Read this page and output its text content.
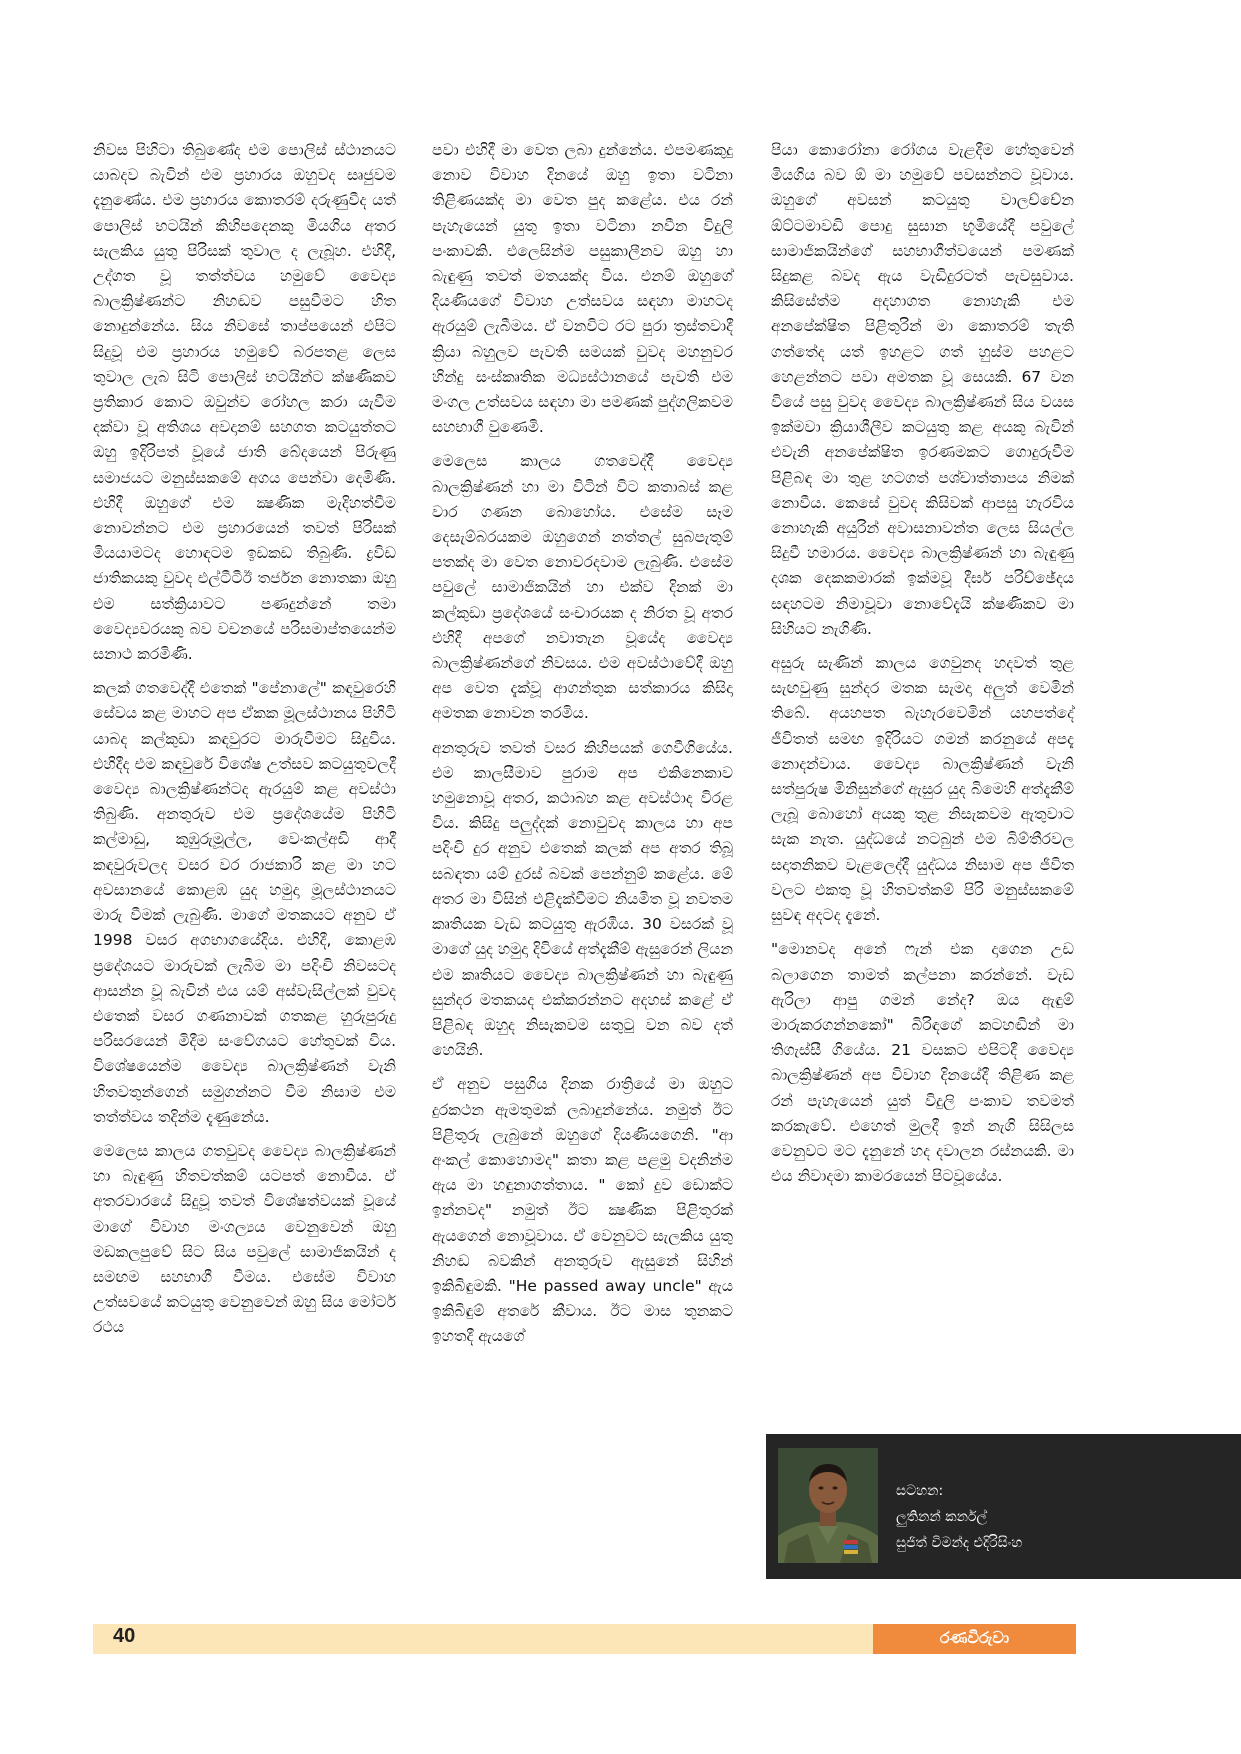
නිවස පිහිටා තිබුණේද එම පොලිස් ස්ථානයට යාබදව බැවින් එම ප්‍රහාරය ඔහුවද සෘජුවම දැනුණේය. එම ප්‍රහාරය කොතරම් දරුණුවීද යත් පොලිස් භටයින් කිහිපදෙනකු මියගිය අතර සැලකිය යුතු පිරිසක් තුවාල ද ලැබූහ. එහිදී, උද්ගත වූ තත්ත්වය හමුවේ වෛද්‍ය බාලක්‍රිෂ්ණන්ට නිහඬව පසුවීමට හිත නොදුන්නේය. සිය නිවසේ තාප්පයෙන් එපිට සිදුවූ එම ප්‍රහාරය හමුවේ බරපතළ ලෙස තුවාල ලැබ සිටි පොලිස් භටයින්ට ක්ෂණිකව ප්‍රතිකාර කොට ඔවුන්ව රෝහල කරා යැවීම දක්වා වූ අතිශය අවදානම් සහගත කටයුත්තට ඔහු ඉදිරිපත් වූයේ ජාති බේදයෙන් පිරුණු සමාජයට මනුස්සකමේ අගය පෙන්වා දෙමිණි. එහිදී ඔහුගේ එම ක්‍ෂණික මැදිහත්වීම නොවන්නට එම ප්‍රහාරයෙන් තවත් පිරිසක් මියයාමටද හොඳටම ඉඩකඩ තිබුණි. ද්‍රවිඩ ජාතිකයකු වුවද එල්ටීටීඊ තර්ජන නොතකා ඔහු එම සත්ක්‍රියාවට පණදුන්නේ තමා වෛද්‍යවරයකු බව වචනයේ පරිසමාප්තයෙන්ම සනාථ කරමිණි.

කලක් ගතවෙද්දී එතෙක් "පේනාලේ" කඳවුරෙහි සේවය කළ මාහට අප ඒකක මූලස්ථානය පිහිටි යාබද කල්කුඩා කඳවුරට මාරුවීමට සිදුවිය. එහිදීද එම කඳවුරේ විශේෂ උත්සව කටයුතුවලදී වෛද්‍ය බාලක්‍රිෂ්ණන්ටද ඇරයුම් කළ අවස්ථා තිබුණි. අනතුරුව එම ප්‍රදේශයේම පිහිටි කල්මාඩු, කුඹුරුමූල්ල, වෙංකල්අඩි ආදී කඳවුරුවලද වසර වර රාජකාරි කළ මා හට අවසානයේ කොළඹ යුද හමුදා මූලස්ථානයට මාරු වීමක් ලැබුණි. මාගේ මතකයට අනුව ඒ 1998 වසර අගභාගයේදිය. එහිදී, කොළඹ ප්‍රදේශයට මාරුවක් ලැබීම මා පදිංචි නිවසටද ආසන්න වූ බැවින් එය යම් අස්වැසිල්ලක් වුවද එතෙක් වසර ගණනාවක් ගතකළ හුරුපුරුදු පරිසරයෙන් මිදීම සංවේගයට හේතුවක් විය. විශේෂයෙන්ම වෛද්‍ය බාලක්‍රිෂ්ණන් වැනි හිතවතුන්ගෙන් සමුගන්නට වීම නිසාම එම තත්ත්වය තදින්ම දැණුනේය.

මෙලෙස කාලය ගතවුවද වෛද්‍ය බාලක්‍රිෂ්ණන් හා බැඳුණු හිතවත්කම් යටපත් නොවීය. ඒ අතරවාරයේ සිදුවූ තවත් විශේෂත්වයක් වූයේ මාගේ විවාහ මංගල්‍යය වෙනුවෙන් ඔහු මඩකලපුවේ සිට සිය පවුලේ සාමාජිකයින් ද සමඟම සහභාගී වීමය. එසේම විවාහ උත්සවයේ කටයුතු වෙනුවෙන් ඔහු සිය මෝටර් රථය

පවා එහිදී මා වෙත ලබා දුන්නේය. එපමණකුදු නොව විවාහ දිනයේ ඔහු ඉතා වටිනා තිළිණයක්ද මා වෙත පුද කළේය. එය රන් පැහැයෙන් යුතු ඉතා වටිනා නවීන විදුලි පංකාවකි. එලෙසින්ම පසුකාලීනව ඔහු හා බැඳුණු තවත් මතයක්ද විය. එනම් ඔහුගේ දියණියගේ විවාහ උත්සවය සඳහා මාහටද ඇරයුම් ලැබීමය. ඒ වනවිට රට පුරා ත්‍රස්තවාදී ක්‍රියා බහුලව පැවති සමයක් වුවද මහනුවර හින්දු සංස්කෘතික මධ්‍යස්ථානයේ පැවති එම මංගල උත්සවය සඳහා මා පමණක් පුද්ගලිකවම සහභාගී වුණෙමි.

මෙලෙස කාලය ගතවෙද්දී වෛද්‍ය බාලක්‍රිෂ්ණන් හා මා විටින් විට කතාබස් කළ වාර ගණන බොහෝය. එසේම සෑම දෙසැම්බරයකම ඔහුගෙන් නත්තල් සුබපැතුම් පතක්ද මා වෙත නොවරදවාම ලැබුණි. එසේම පවුලේ සාමාජිකයින් හා එක්ව දිනක් මා කල්කුඩා ප්‍රදේශයේ සංචාරයක ද නිරත වූ අතර එහිදී අපගේ නවාතැන වූයේද වෛද්‍ය බාලක්‍රිෂ්ණන්ගේ නිවසය. එම අවස්ථාවේදී ඔහු අප වෙත දැක්වූ ආගන්තුක සත්කාරය කිසිදා අමතක නොවන තරමිය.

අනතුරුව තවත් වසර කිහිපයක් ගෙවීගියේය. එම කාලසීමාව පුරාම අප එකිනෙකාව හමුනොවූ අතර, කථාබහ කළ අවස්ථාද විරළ විය. කිසිදු පලුද්දක් නොවුවද කාලය හා අප පදිංචි දුර අනුව එතෙක් කලක් අප අතර තිබූ සබඳතා යම් දුරස් බවක් පෙන්නුම් කළේය. මේ අතර මා විසින් එළිදැක්වීමට නියමිත වූ නවතම කෘතියක වැඩ කටයුතු ඇරඹීය. 30 වසරක් වූ මාගේ යුද හමුදා දිවියේ අත්දැකීම් ඇසුරෙන් ලියන එම කෘතියට වෛද්‍ය බාලක්‍රිෂ්ණන් හා බැඳුණු සුන්දර මතකයද එක්කරන්නට අදහස් කළේ ඒ පිළිබඳ ඔහුද නිසැකවම සතුටු වන බව දත් හෙයිනි.

ඒ අනුව පසුගිය දිනක රාත්‍රියේ මා ඔහුට දුරකථන ඇමතුමක් ලබාදුන්නේය. නමුත් ඊට පිළිතුරු ලැබුනේ ඔහුගේ දියණියගෙනි. "ආ අංකල් කොහොමද" කතා කළ පළමු වදනින්ම ඇය මා හඳුනාගත්තාය. " කෝ දුව ඩොක්ට ඉන්නවද" නමුත් ඊට ක්‍ෂණික පිළිතුරක් ඇයගෙන් නොවූවාය. ඒ වෙනුවට සැලකිය යුතු නිහඬ බවකින් අනතුරුව ඇසුනේ සිහින් ඉකිබිඳුමකි. "He passed away uncle" ඇය ඉකිබිඳුම් අතරේ කීවාය. ඊට මාස තුනකට ඉහතදී ඇයගේ

පියා කොරෝනා රෝගය වැළදීම හේතුවෙන් මියගිය බව ඕ මා හමුවේ පවසන්නට වූවාය. ඔහුගේ අවසන් කටයුතු වාලච්චේන ඕට්ටමාවඩි පොදු සුසාන භූමියේදී පවුලේ සාමාජිකයින්ගේ සහභාගීත්වයෙන් පමණක් සිදුකළ බවද ඇය වැඩිදුරටත් පැවසුවාය. කිසිසේත්ම අදහාගත නොහැකි එම අනපේක්ෂිත පිළිතුරින් මා කොතරම් තැති ගත්තේද යත් ඉහළට ගත් හුස්ම පහළට හෙළන්නට පවා අමතක වූ සෙයකි. 67 වන වියේ පසු වුවද වෛද්‍ය බාලක්‍රිෂ්ණන් සිය වයස ඉක්මවා ක්‍රියාශීලීව කටයුතු කළ අයකු බැවින් එවැනි අනපේක්ෂිත ඉරණමකට ගොදුරුවීම පිළිබඳ මා තුළ හටගත් පශ්චාත්තාපය නිමක් නොවීය. කෙසේ වුවද කිසිවක් ආපසු හැරවිය නොහැකි අයුරින් අවාසනාවන්ත ලෙස සියල්ල සිදුවී හමාරය. වෛද්‍ය බාලක්‍රිෂ්ණන් හා බැඳුණු දශක දෙකකමාරක් ඉක්මවූ දීර්ඝ පරිච්ඡේදය සඳහටම නිමාවූවා නොවේදැයි ක්ෂණිකව මා සිහියට නැගිණි.

අසුරු සැණින් කාලය ගෙවුනද හදවත් තුළ සැඟවුණු සුන්දර මතක සැමදා අලුත් වෙමින් තිබේ. අයහපත බැහැරවෙමින් යහපත්දේ ජීවිතත් සමඟ ඉදිරියට ගමන් කරනුයේ අපදැ නොදන්වාය. වෛද්‍ය බාලක්‍රිෂ්ණන් වැනි සත්පුරුෂ මිනිසුන්ගේ ඇසුර යුද බිමෙහි අත්දැකීම් ලැබූ බොහෝ අයකු තුළ නිසැකවම ඇතුවාට සැක නැත. යුද්ධයේ නටබුන් එම බිම්තීරවල සදාතනිකව වැළලෙද්දී යුද්ධය නිසාම අප ජීවිත වලට එකතු වූ හිතවත්කම් පිරි මනුස්සකමේ සුවඳ අදටද දැනේ.

"මොනවද අනේ ෆැන් එක දාගෙන උඩ බලාගෙන තාමත් කල්පනා කරන්නේ. වැඩ ඇරිලා ආපු ගමන් නේද? ඔය ඇඳුම් මාරුකරගන්නකෝ" බිරිඳගේ කටහඬින් මා තිගැස්සී ගියේය. 21 වසකට එපිටදී වෛද්‍ය බාලක්‍රිෂ්ණන් අප විවාහ දිනයේදී තිළිණ කළ රන් පැහැයෙන් යුත් විදුලි පංකාව තවමත් කරකැවේ. එහෙත් මුලදී ඉන් නැගි සිසිලස වෙනුවට මට දැනුනේ හද දවාලන රස්නයකි. මා එය නිවාදමා කාමරයෙන් පිටවූයේය.

සටහන:
ලුතිනන් කර්නල්
සුජිත් විමන්ද එදිරිසිංහ
40	රණවිරුවා
